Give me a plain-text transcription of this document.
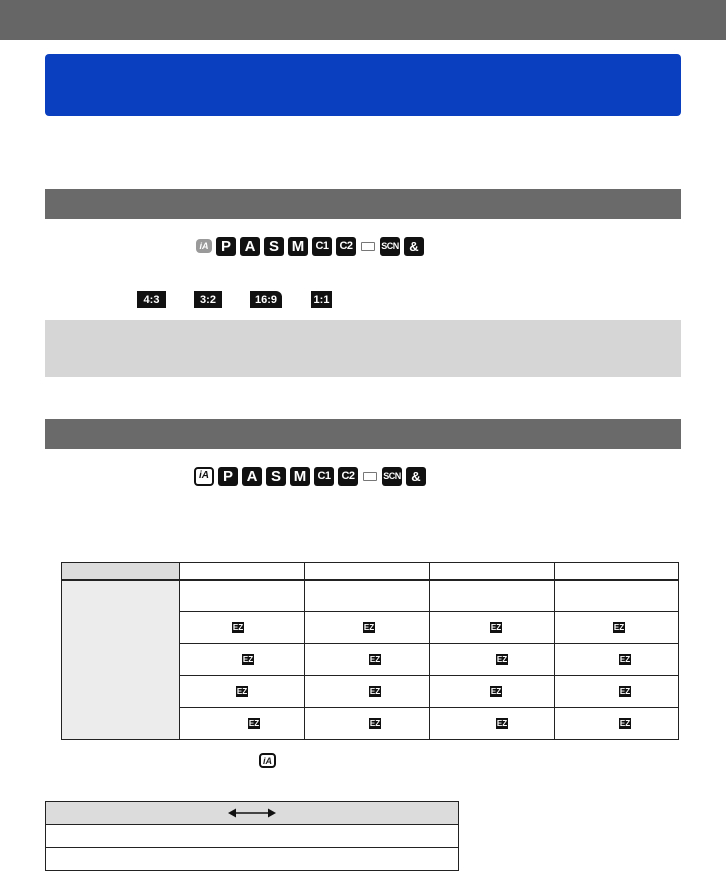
iA P A S M	C1 C2	SCN &
4:3	3:2	16:9	1:1
iA P A S M	C1 C2	SCN &

	EZ	EZ	EZ	EZ
	EZ	EZ	EZ	EZ
	EZ	EZ	EZ	EZ
	EZ	EZ	EZ	EZ
iA
